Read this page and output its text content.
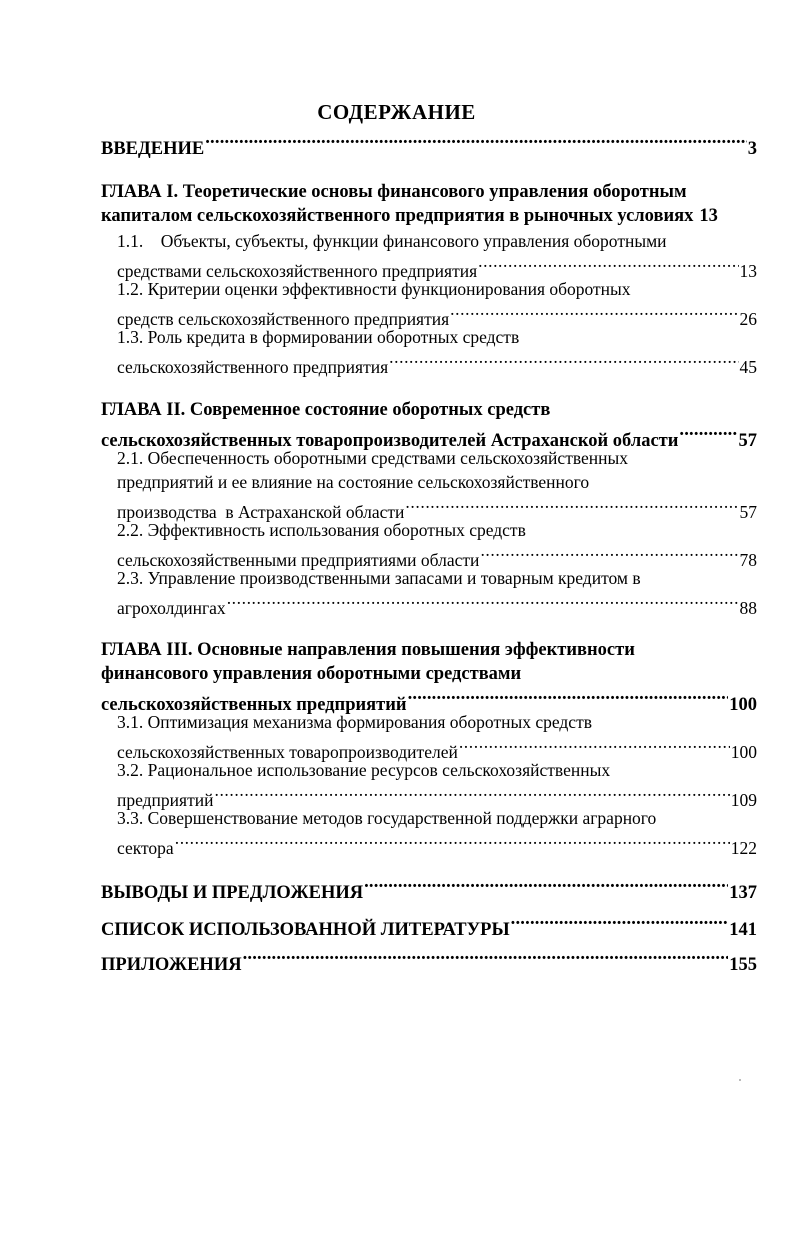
СОДЕРЖАНИЕ
ВВЕДЕНИЕ .....	3
ГЛАВА I. Теоретические основы финансового управления оборотным
капиталом сельскохозяйственного предприятия в рыночных условиях 13
1.1. Объекты, субъекты, функции финансового управления оборотными
средствами сельскохозяйственного предприятия .....	13
1.2. Критерии оценки эффективности функционирования оборотных
средств сельскохозяйственного предприятия .....	26
1.3. Роль кредита в формировании оборотных средств
сельскохозяйственного предприятия .....	45
ГЛАВА II. Современное состояние оборотных средств
сельскохозяйственных товаропроизводителей Астраханской области .....	57
2.1. Обеспеченность оборотными средствами сельскохозяйственных
предприятий и ее влияние на состояние сельскохозяйственного
производства  в Астраханской области .....	57
2.2. Эффективность использования оборотных средств
сельскохозяйственными предприятиями области .....	78
2.3. Управление производственными запасами и товарным кредитом в
агрохолдингах .....	88
ГЛАВА III. Основные направления повышения эффективности
финансового управления оборотными средствами
сельскохозяйственных предприятий .....	100
3.1. Оптимизация механизма формирования оборотных средств
сельскохозяйственных товаропроизводителей .....	100
3.2. Рациональное использование ресурсов сельскохозяйственных
предприятий .....	109
3.3. Совершенствование методов государственной поддержки аграрного
сектора .....	122
ВЫВОДЫ И ПРЕДЛОЖЕНИЯ .....	137
СПИСОК ИСПОЛЬЗОВАННОЙ ЛИТЕРАТУРЫ .....	141
ПРИЛОЖЕНИЯ .....	155
